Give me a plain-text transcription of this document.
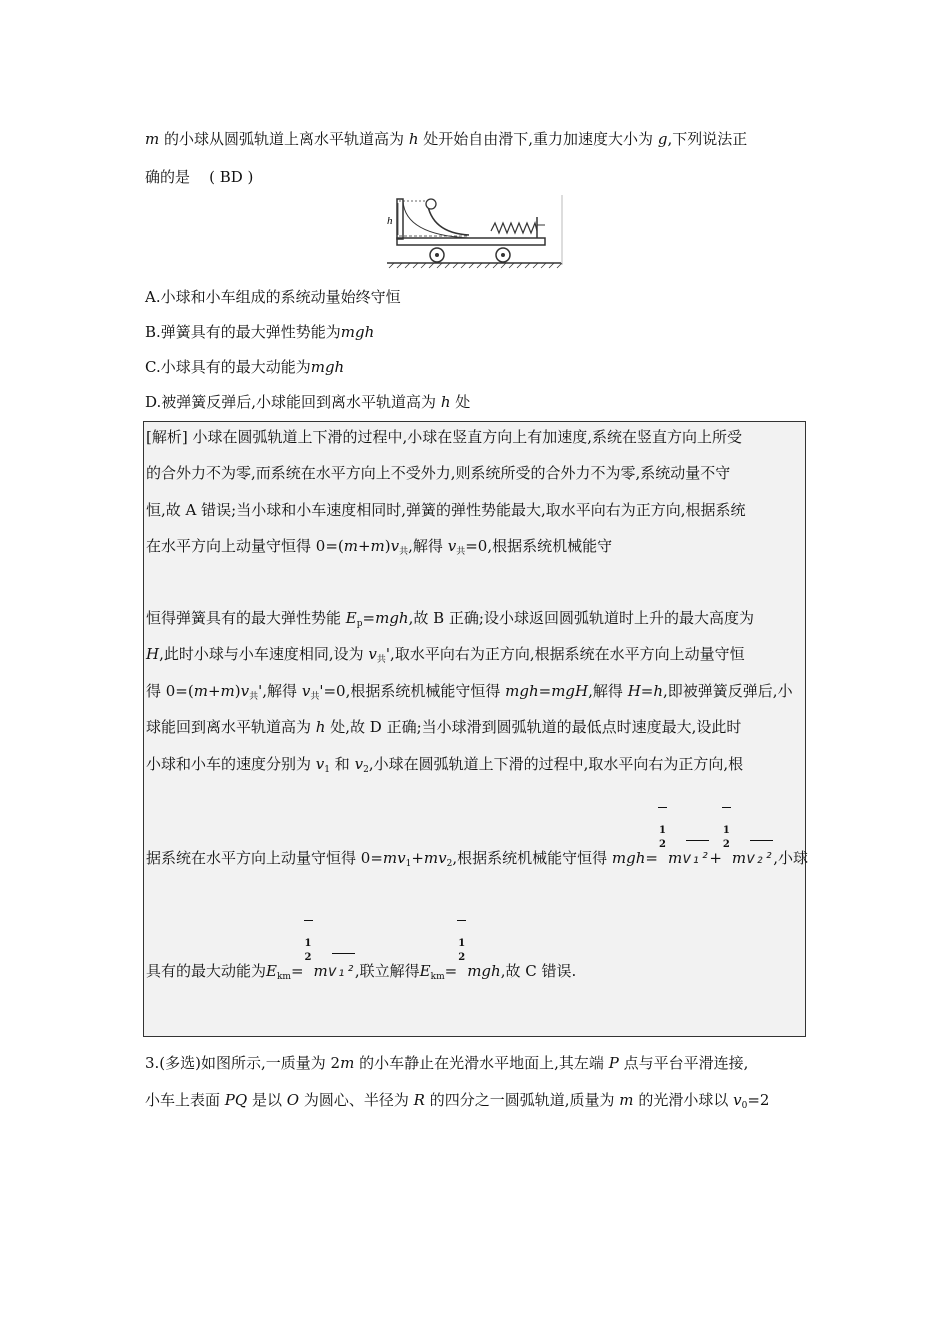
m 的小球从圆弧轨道上离水平轨道高为 h 处开始自由滑下,重力加速度大小为 g,下列说法正
确的是 ( BD )
h
A.小球和小车组成的系统动量始终守恒
B.弹簧具有的最大弹性势能为mgh
C.小球具有的最大动能为mgh
D.被弹簧反弹后,小球能回到离水平轨道高为 h 处
[解析] 小球在圆弧轨道上下滑的过程中,小球在竖直方向上有加速度,系统在竖直方向上所受
的合外力不为零,而系统在水平方向上不受外力,则系统所受的合外力不为零,系统动量不守
恒,故 A 错误;当小球和小车速度相同时,弹簧的弹性势能最大,取水平向右为正方向,根据系统
在水平方向上动量守恒得 $0=(m+m)v_共$,解得 $v_共=0$,根据系统机械能守
恒得弹簧具有的最大弹性势能 $E_p=mgh$,故 B 正确;设小球返回圆弧轨道时上升的最大高度为
H,此时小球与小车速度相同,设为 $v_共'$,取水平向右为正方向,根据系统在水平方向上动量守恒
得 $0=(m+m)v_共'$,解得 $v_共'=0$,根据系统机械能守恒得 mgh=mgH,解得 H=h,即被弹簧反弹后,小
球能回到离水平轨道高为 h 处,故 D 正确;当小球滑到圆弧轨道的最低点时速度最大,设此时
小球和小车的速度分别为 $v_1$ 和 $v_2$,小球在圆弧轨道上下滑的过程中,取水平向右为正方向,根
据系统在水平方向上动量守恒得 $0=mv_1+mv_2$,根据系统机械能守恒得 mgh=
1
2
m
v₁²+
1
2
m
v₂²,小球
具有的最大动能为$E_{km}=$
1
2
m
v₁²,联立解得$E_{km}=$
1
2
mgh,故 C 错误.
3.(多选)如图所示,一质量为 2m 的小车静止在光滑水平地面上,其左端 P 点与平台平滑连接,
小车上表面 PQ 是以 O 为圆心、半径为 R 的四分之一圆弧轨道,质量为 m 的光滑小球以 $v_0=2$
